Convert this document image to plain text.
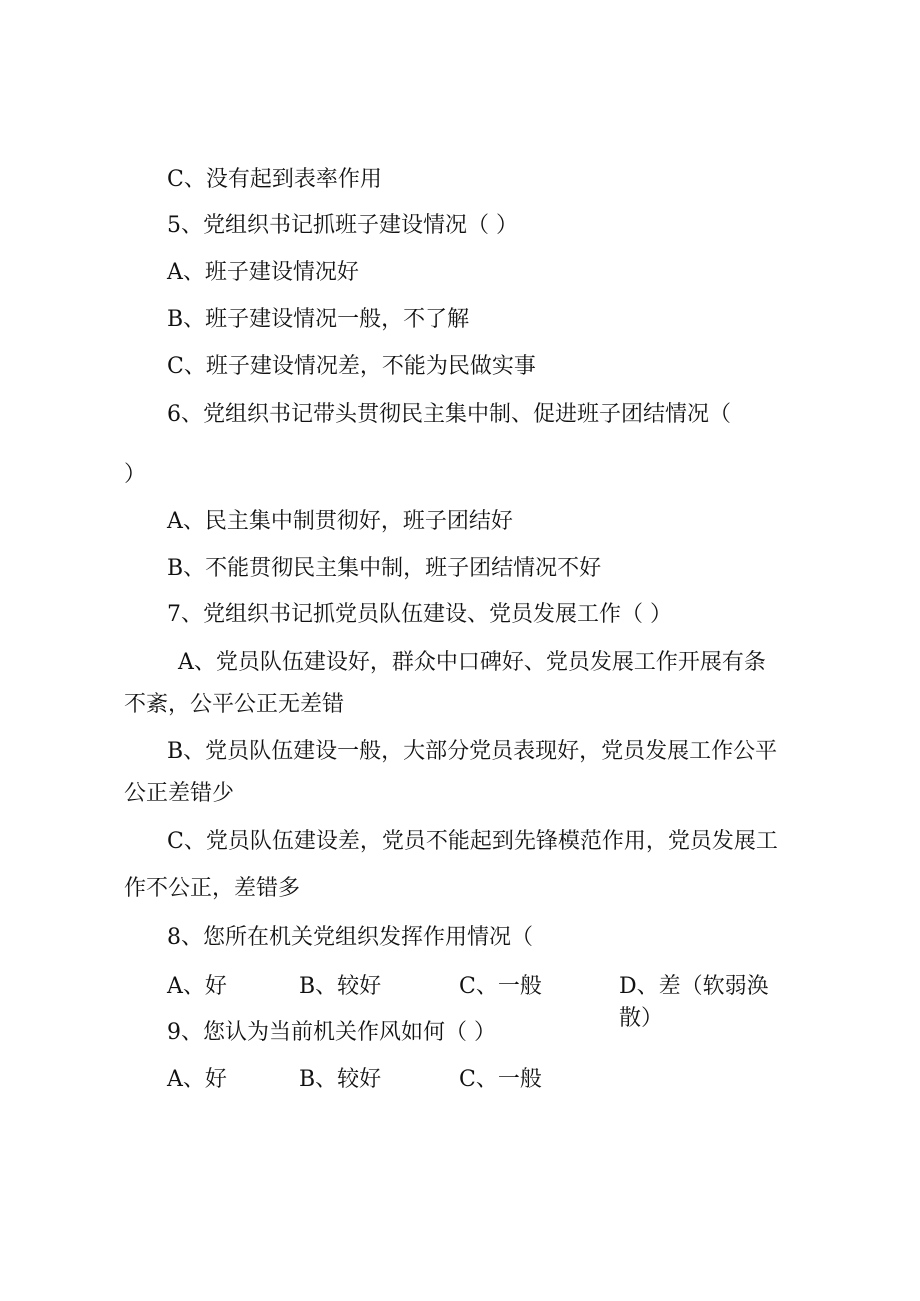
C、没有起到表率作用
5、党组织书记抓班子建设情况（ ）
A、班子建设情况好
B、班子建设情况一般，不了解
C、班子建设情况差，不能为民做实事
6、党组织书记带头贯彻民主集中制、促进班子团结情况（
）
A、民主集中制贯彻好，班子团结好
B、不能贯彻民主集中制，班子团结情况不好
7、党组织书记抓党员队伍建设、党员发展工作（ ）
A、党员队伍建设好，群众中口碑好、党员发展工作开展有条
不紊，公平公正无差错
B、党员队伍建设一般，大部分党员表现好，党员发展工作公平
公正差错少
C、党员队伍建设差，党员不能起到先锋模范作用，党员发展工
作不公正，差错多
8、您所在机关党组织发挥作用情况（
A、好	B、较好	C、一般	D、差（软弱涣散）
9、您认为当前机关作风如何（ ）
A、好	B、较好	C、一般
